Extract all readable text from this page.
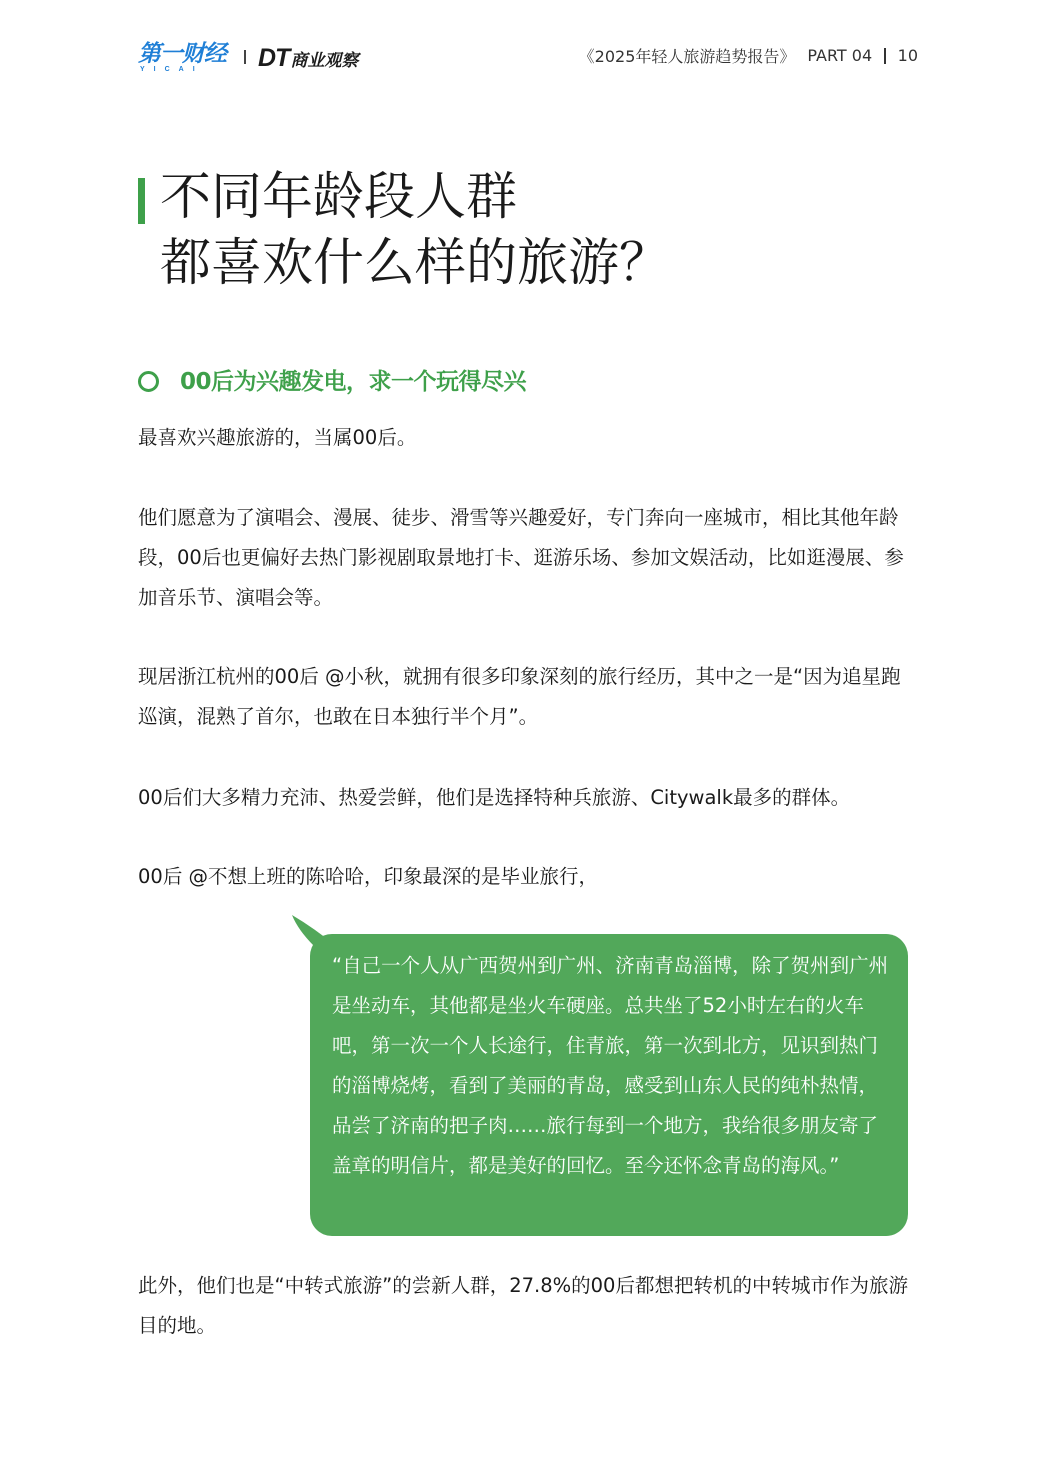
第一财经
YICAI DT 商业观察	《2025年轻人旅游趋势报告》 PART 04 10
不同年龄段人群
都喜欢什么样的旅游？
00后为兴趣发电，求一个玩得尽兴
最喜欢兴趣旅游的，当属00后。
他们愿意为了演唱会、漫展、徒步、滑雪等兴趣爱好，专门奔向一座城市，相比其他年龄段，00后也更偏好去热门影视剧取景地打卡、逛游乐场、参加文娱活动，比如逛漫展、参加音乐节、演唱会等。
现居浙江杭州的00后 @小秋，就拥有很多印象深刻的旅行经历，其中之一是“因为追星跑巡演，混熟了首尔，也敢在日本独行半个月”。
00后们大多精力充沛、热爱尝鲜，他们是选择特种兵旅游、Citywalk最多的群体。
00后 @不想上班的陈哈哈，印象最深的是毕业旅行，
“自己一个人从广西贺州到广州、济南青岛淄博，除了贺州到广州是坐动车，其他都是坐火车硬座。总共坐了52小时左右的火车吧，第一次一个人长途行，住青旅，第一次到北方，见识到热门的淄博烧烤，看到了美丽的青岛，感受到山东人民的纯朴热情，品尝了济南的把子肉……旅行每到一个地方，我给很多朋友寄了盖章的明信片，都是美好的回忆。至今还怀念青岛的海风。”
此外，他们也是“中转式旅游”的尝新人群，27.8%的00后都想把转机的中转城市作为旅游目的地。
